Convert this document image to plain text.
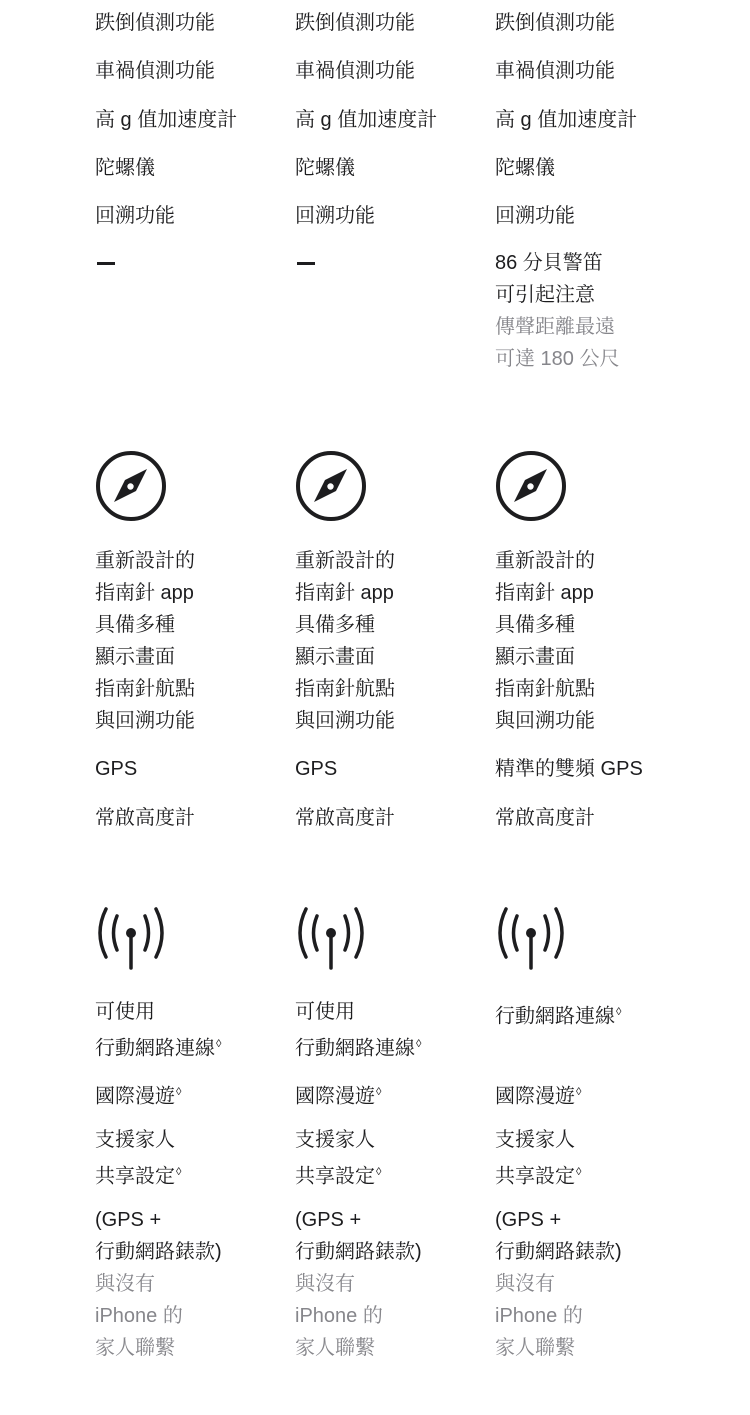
跌倒偵測功能
車禍偵測功能
高 g 值加速度計
陀螺儀
回溯功能
重新設計的
指南針 app
具備多種
顯示畫面
指南針航點
與回溯功能
GPS
常啟高度計
可使用
行動網路連線◊
國際漫遊◊
支援家人
共享設定◊
(GPS +
行動網路錶款)
與沒有
iPhone 的
家人聯繫
跌倒偵測功能
車禍偵測功能
高 g 值加速度計
陀螺儀
回溯功能
重新設計的
指南針 app
具備多種
顯示畫面
指南針航點
與回溯功能
GPS
常啟高度計
可使用
行動網路連線◊
國際漫遊◊
支援家人
共享設定◊
(GPS +
行動網路錶款)
與沒有
iPhone 的
家人聯繫
跌倒偵測功能
車禍偵測功能
高 g 值加速度計
陀螺儀
回溯功能
86 分貝警笛
可引起注意
傳聲距離最遠
可達 180 公尺
重新設計的
指南針 app
具備多種
顯示畫面
指南針航點
與回溯功能
精準的雙頻 GPS
常啟高度計
行動網路連線◊
國際漫遊◊
支援家人
共享設定◊
(GPS +
行動網路錶款)
與沒有
iPhone 的
家人聯繫
